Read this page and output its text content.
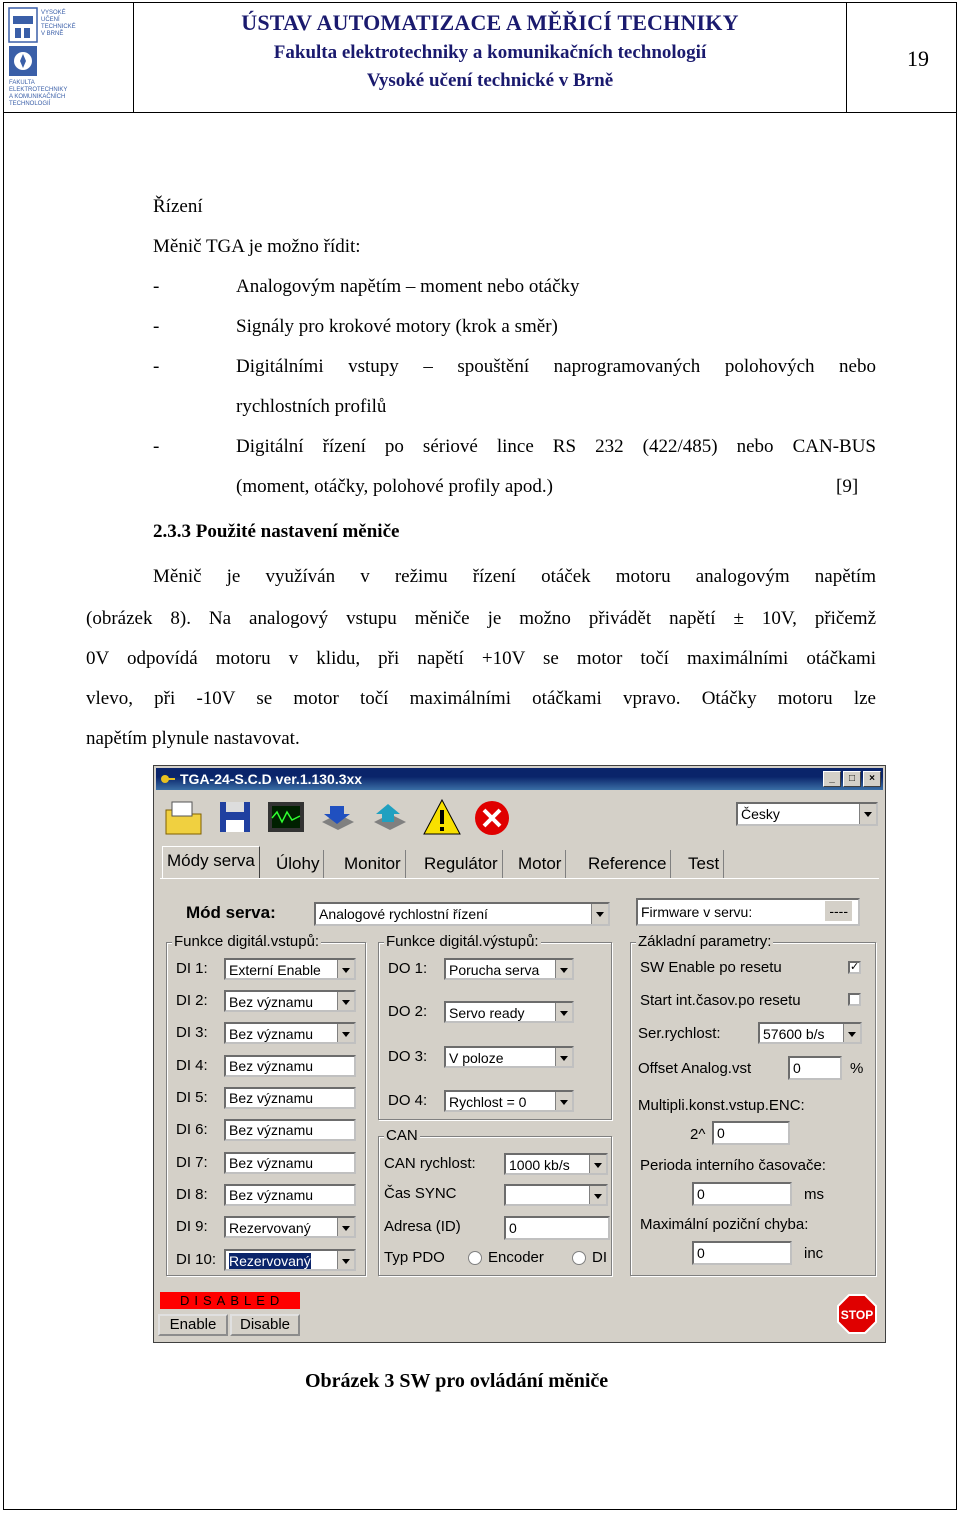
VYSOKÉ
UČENÍ
TECHNICKÉ
V BRNĚ
FAKULTA
ELEKTROTECHNIKY
A KOMUNIKAČNÍCH
TECHNOLOGIÍ
ÚSTAV AUTOMATIZACE A MĚŘICÍ TECHNIKY
Fakulta elektrotechniky a komunikačních technologií
Vysoké učení technické v Brně
19
Řízení
Měnič TGA je možno řídit:
-	Analogovým napětím – moment nebo otáčky
-	Signály pro krokové motory (krok a směr)
-	Digitálními vstupy – spouštění naprogramovaných polohových nebo
rychlostních profilů
-	Digitální řízení po sériové lince RS 232 (422/485) nebo CAN-BUS
(moment, otáčky, polohové profily apod.)	[9]
2.3.3 Použité nastavení měniče
Měnič je využíván v režimu řízení otáček motoru analogovým napětím
(obrázek 8). Na analogový vstupu měniče je možno přivádět napětí ± 10V, přičemž
0V odpovídá motoru v klidu, při napětí +10V se motor točí maximálními otáčkami
vlevo, při -10V se motor točí maximálními otáčkami vpravo. Otáčky motoru lze
napětím plynule nastavovat.
TGA-24-S.C.D ver.1.130.3xx	_ □ ×
Česky
Módy serva Úlohy Monitor Regulátor Motor Reference Test
Mód serva:	Analogové rychlostní řízení	Firmware v servu:	----
Funkce digitál.vstupů:	Funkce digitál.výstupů:
DO 1:	Porucha serva
DO 2:	Servo ready
DO 3:	V poloze
DO 4:	Rychlost = 0
CAN
CAN rychlost:	1000 kb/s
Čas SYNC
Adresa (ID)	0
Typ PDO	Encoder	DI
Základní parametry:
SW Enable po resetu	✓
Start int.časov.po resetu
Ser.rychlost:	57600 b/s
Offset Analog.vst	0	%
Multipli.konst.vstup.ENC:
2^ 0
Perioda interního časovače:
0	ms
Maximální poziční chyba:
0	inc
DISABLED
Enable	Disable
STOP
DI 1:	Externí Enable
DI 2:	Bez významu
DI 3:	Bez významu
DI 4:	Bez významu
DI 5:	Bez významu
DI 6:	Bez významu
DI 7:	Bez významu
DI 8:	Bez významu
DI 9:	Rezervovaný
DI 10: Rezervovaný
Obrázek 3 SW pro ovládání měniče
